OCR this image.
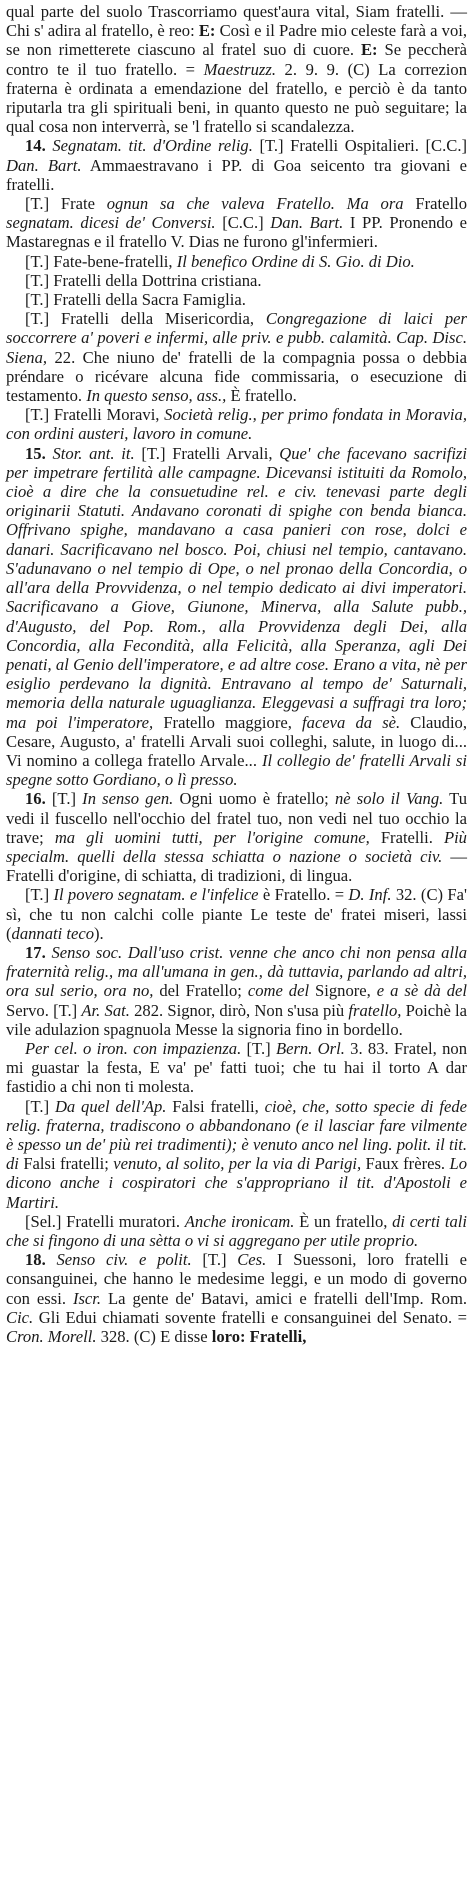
qual parte del suolo Trascorriamo quest'aura vital, Siam fratelli. — Chi s' adira al fratello, è reo: E: Così e il Padre mio celeste farà a voi, se non rimetterete ciascuno al fratel suo di cuore. E: Se peccherà contro te il tuo fratello. = Maestruzz. 2. 9. 9. (C) La correzion fraterna è ordinata a emendazione del fratello, e perciò è da tanto riputarla tra gli spirituali beni, in quanto questo ne può seguitare; la qual cosa non interverrà, se 'l fratello si scandalezza.

14. Segnatam. tit. d'Ordine relig. [T.] Fratelli Ospitalieri. [C.C.] Dan. Bart. Ammaestravano i PP. di Goa seicento tra giovani e fratelli.

[T.] Frate ognun sa che valeva Fratello. Ma ora Fratello segnatam. dicesi de' Conversi. [C.C.] Dan. Bart. I PP. Pronendo e Mastaregnas e il fratello V. Dias ne furono gl'infermieri.

[T.] Fate-bene-fratelli, Il benefico Ordine di S. Gio. di Dio.

[T.] Fratelli della Dottrina cristiana.

[T.] Fratelli della Sacra Famiglia.

[T.] Fratelli della Misericordia, Congregazione di laici per soccorrere a' poveri e infermi, alle priv. e pubb. calamità. Cap. Disc. Siena, 22. Che niuno de' fratelli de la compagnia possa o debbia préndare o ricévare alcuna fide commissaria, o esecuzione di testamento. In questo senso, ass., È fratello.

[T.] Fratelli Moravi, Società relig., per primo fondata in Moravia, con ordini austeri, lavoro in comune.

15. Stor. ant. it. [T.] Fratelli Arvali, Que' che facevano sacrifizi per impetrare fertilità alle campagne. Dicevansi istituiti da Romolo, cioè a dire che la consuetudine rel. e civ. tenevasi parte degli originarii Statuti. Andavano coronati di spighe con benda bianca. Offrivano spighe, mandavano a casa panieri con rose, dolci e danari. Sacrificavano nel bosco. Poi, chiusi nel tempio, cantavano. S'adunavano o nel tempio di Ope, o nel pronao della Concordia, o all'ara della Provvidenza, o nel tempio dedicato ai divi imperatori. Sacrificavano a Giove, Giunone, Minerva, alla Salute pubb., d'Augusto, del Pop. Rom., alla Provvidenza degli Dei, alla Concordia, alla Fecondità, alla Felicità, alla Speranza, agli Dei penati, al Genio dell'imperatore, e ad altre cose. Erano a vita, nè per esiglio perdevano la dignità. Entravano al tempo de' Saturnali, memoria della naturale uguaglianza. Eleggevasi a suffragi tra loro; ma poi l'imperatore, Fratello maggiore, faceva da sè. Claudio, Cesare, Augusto, a' fratelli Arvali suoi colleghi, salute, in luogo di... Vi nomino a collega fratello Arvale... Il collegio de' fratelli Arvali si spegne sotto Gordiano, o lì presso.

16. [T.] In senso gen. Ogni uomo è fratello; nè solo il Vang. Tu vedi il fuscello nell'occhio del fratel tuo, non vedi nel tuo occhio la trave; ma gli uomini tutti, per l'origine comune, Fratelli. Più specialm. quelli della stessa schiatta o nazione o società civ. — Fratelli d'origine, di schiatta, di tradizioni, di lingua.

[T.] Il povero segnatam. e l'infelice è Fratello. = D. Inf. 32. (C) Fa' sì, che tu non calchi colle piante Le teste de' fratei miseri, lassi (dannati teco).

17. Senso soc. Dall'uso crist. venne che anco chi non pensa alla fraternità relig., ma all'umana in gen., dà tuttavia, parlando ad altri, ora sul serio, ora no, del Fratello; come del Signore, e a sè dà del Servo. [T.] Ar. Sat. 282. Signor, dirò, Non s'usa più fratello, Poichè la vile adulazion spagnuola Messe la signoria fino in bordello.

Per cel. o iron. con impazienza. [T.] Bern. Orl. 3. 83. Fratel, non mi guastar la festa, E va' pe' fatti tuoi; che tu hai il torto A dar fastidio a chi non ti molesta.

[T.] Da quel dell'Ap. Falsi fratelli, cioè, che, sotto specie di fede relig. fraterna, tradiscono o abbandonano (e il lasciar fare vilmente è spesso un de' più rei tradimenti); è venuto anco nel ling. polit. il tit. di Falsi fratelli; venuto, al solito, per la via di Parigi, Faux frères. Lo dicono anche i cospiratori che s'appropriano il tit. d'Apostoli e Martiri.

[Sel.] Fratelli muratori. Anche ironicam. È un fratello, di certi tali che si fingono di una sètta o vi si aggregano per utile proprio.

18. Senso civ. e polit. [T.] Ces. I Suessoni, loro fratelli e consanguinei, che hanno le medesime leggi, e un modo di governo con essi. Iscr. La gente de' Batavi, amici e fratelli dell'Imp. Rom. Cic. Gli Edui chiamati sovente fratelli e consanguinei del Senato. = Cron. Morell. 328. (C) E disse loro: Fratelli,
